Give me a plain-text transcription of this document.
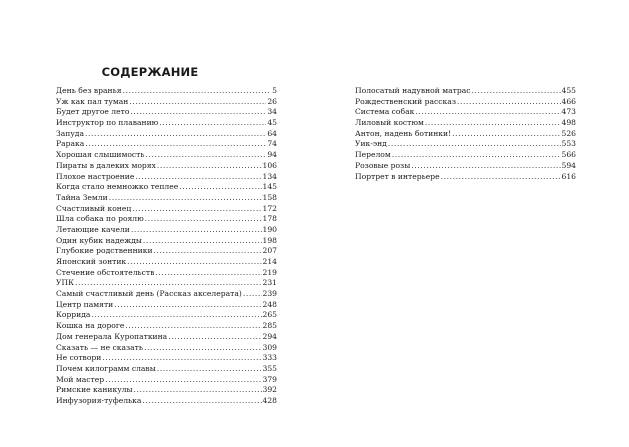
СОДЕРЖАНИЕ
День без вранья .....	5
Уж как пал туман .....	26
Будет другое лето .....	34
Инструктор по плаванию .....	45
Запуда .....	64
Рарака .....	74
Хорошая слышимость .....	94
Пираты в далеких морях .....	106
Плохое настроение .....	134
Когда стало немножко теплее .....	145
Тайна Земли .....	158
Счастливый конец .....	172
Шла собака по роялю .....	178
Летающие качели .....	190
Один кубик надежды .....	198
Глубокие родственники .....	207
Японский зонтик .....	214
Стечение обстоятельств .....	219
УПК .....	231
Самый счастливый день (Рассказ акселерата) .....	239
Центр памяти .....	248
Коррида .....	265
Кошка на дороге .....	285
Дом генерала Куропаткина .....	294
Сказать — не сказать .....	309
Не сотвори .....	333
Почем килограмм славы .....	355
Мой мастер .....	379
Римские каникулы .....	392
Инфузория-туфелька .....	428
Полосатый надувной матрас .....	455
Рождественский рассказ .....	466
Система собак .....	473
Лиловый костюм .....	498
Антон, надень ботинки! .....	526
Уик-энд .....	553
Перелом .....	566
Розовые розы .....	594
Портрет в интерьере .....	616
